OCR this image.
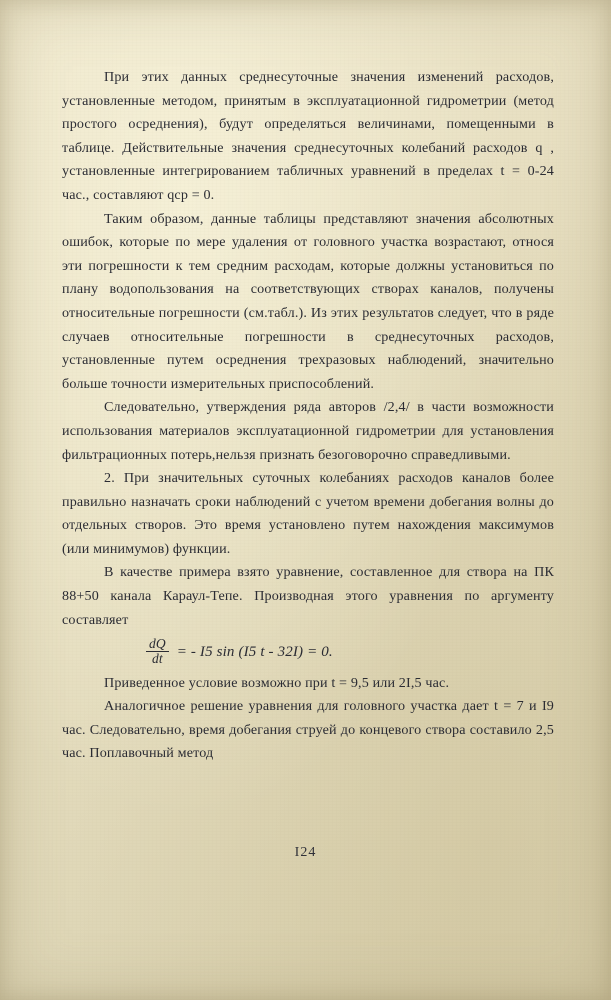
При этих данных среднесуточные значения изменений расходов, установленные методом, принятым в эксплуатационной гидрометрии (метод простого осреднения), будут определяться величинами, помещенными в таблице. Действительные значения среднесуточных колебаний расходов q , установленные интегрированием табличных уравнений в пределах t = 0-24 час., составляют qср = 0.

Таким образом, данные таблицы представляют значения абсолютных ошибок, которые по мере удаления от головного участка возрастают, относя эти погрешности к тем средним расходам, которые должны установиться по плану водопользования на соответствующих створах каналов, получены относительные погрешности (см.табл.). Из этих результатов следует, что в ряде случаев относительные погрешности в среднесуточных расходов, установленные путем осреднения трехразовых наблюдений, значительно больше точности измерительных приспособлений.

Следовательно, утверждения ряда авторов /2,4/ в части возможности использования материалов эксплуатационной гидрометрии для установления фильтрационных потерь,нельзя признать безоговорочно справедливыми.

2. При значительных суточных колебаниях расходов каналов более правильно назначать сроки наблюдений с учетом времени добегания волны до отдельных створов. Это время установлено путем нахождения максимумов (или минимумов) функции.

В качестве примера взято уравнение, составленное для створа на ПК 88+50 канала Караул-Тепе. Производная этого уравнения по аргументу составляет

$\frac{dQ}{dt}$ = - I5 sin (I5 t - 32I) = 0.

Приведенное условие возможно при t = 9,5 или 2I,5 час.

Аналогичное решение уравнения для головного участка дает t = 7 и I9 час. Следовательно, время добегания струей до концевого створа составило 2,5 час. Поплавочный метод

I24
